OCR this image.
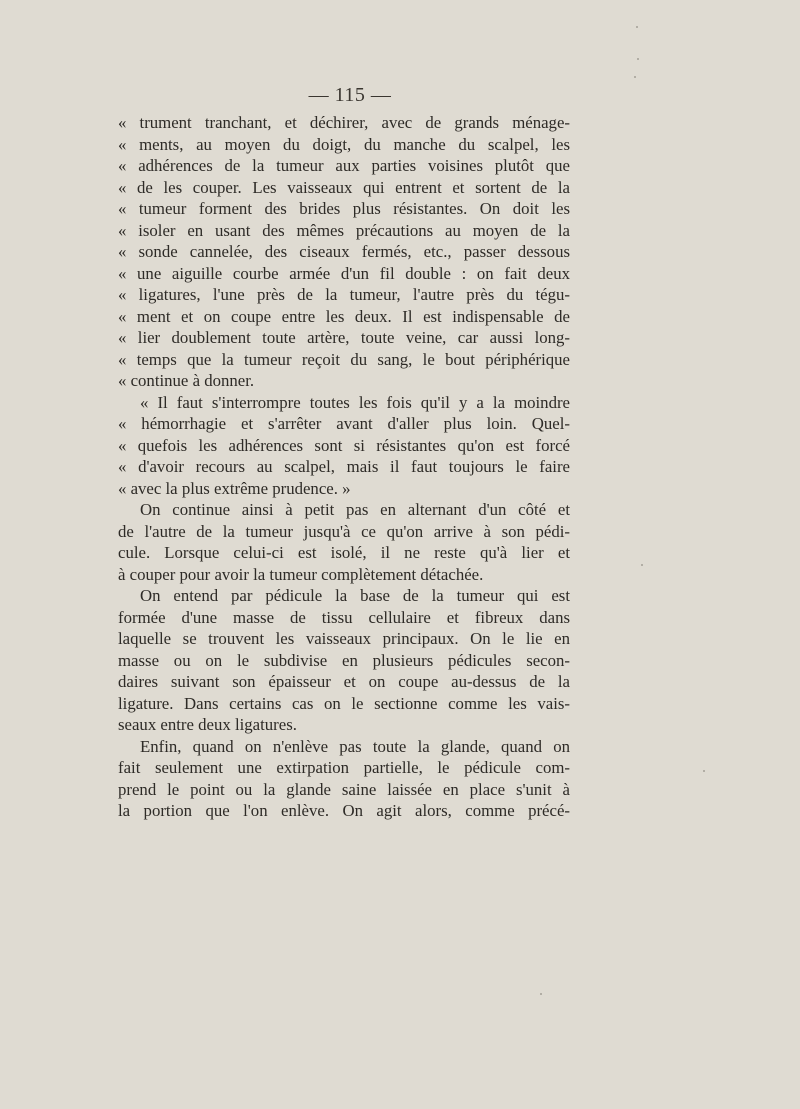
— 115 —
« trument tranchant, et déchirer, avec de grands ménage-
« ments, au moyen du doigt, du manche du scalpel, les
« adhérences de la tumeur aux parties voisines plutôt que
« de les couper. Les vaisseaux qui entrent et sortent de la
« tumeur forment des brides plus résistantes. On doit les
« isoler en usant des mêmes précautions au moyen de la
« sonde cannelée, des ciseaux fermés, etc., passer dessous
« une aiguille courbe armée d'un fil double : on fait deux
« ligatures, l'une près de la tumeur, l'autre près du tégu-
« ment et on coupe entre les deux. Il est indispensable de
« lier doublement toute artère, toute veine, car aussi long-
« temps que la tumeur reçoit du sang, le bout périphérique
« continue à donner.
« Il faut s'interrompre toutes les fois qu'il y a la moindre
« hémorrhagie et s'arrêter avant d'aller plus loin. Quel-
« quefois les adhérences sont si résistantes qu'on est forcé
« d'avoir recours au scalpel, mais il faut toujours le faire
« avec la plus extrême prudence. »
On continue ainsi à petit pas en alternant d'un côté et
de l'autre de la tumeur jusqu'à ce qu'on arrive à son pédi-
cule. Lorsque celui-ci est isolé, il ne reste qu'à lier et
à couper pour avoir la tumeur complètement détachée.
On entend par pédicule la base de la tumeur qui est
formée d'une masse de tissu cellulaire et fibreux dans
laquelle se trouvent les vaisseaux principaux. On le lie en
masse ou on le subdivise en plusieurs pédicules secon-
daires suivant son épaisseur et on coupe au-dessus de la
ligature. Dans certains cas on le sectionne comme les vais-
seaux entre deux ligatures.
Enfin, quand on n'enlève pas toute la glande, quand on
fait seulement une extirpation partielle, le pédicule com-
prend le point ou la glande saine laissée en place s'unit à
la portion que l'on enlève. On agit alors, comme précé-
